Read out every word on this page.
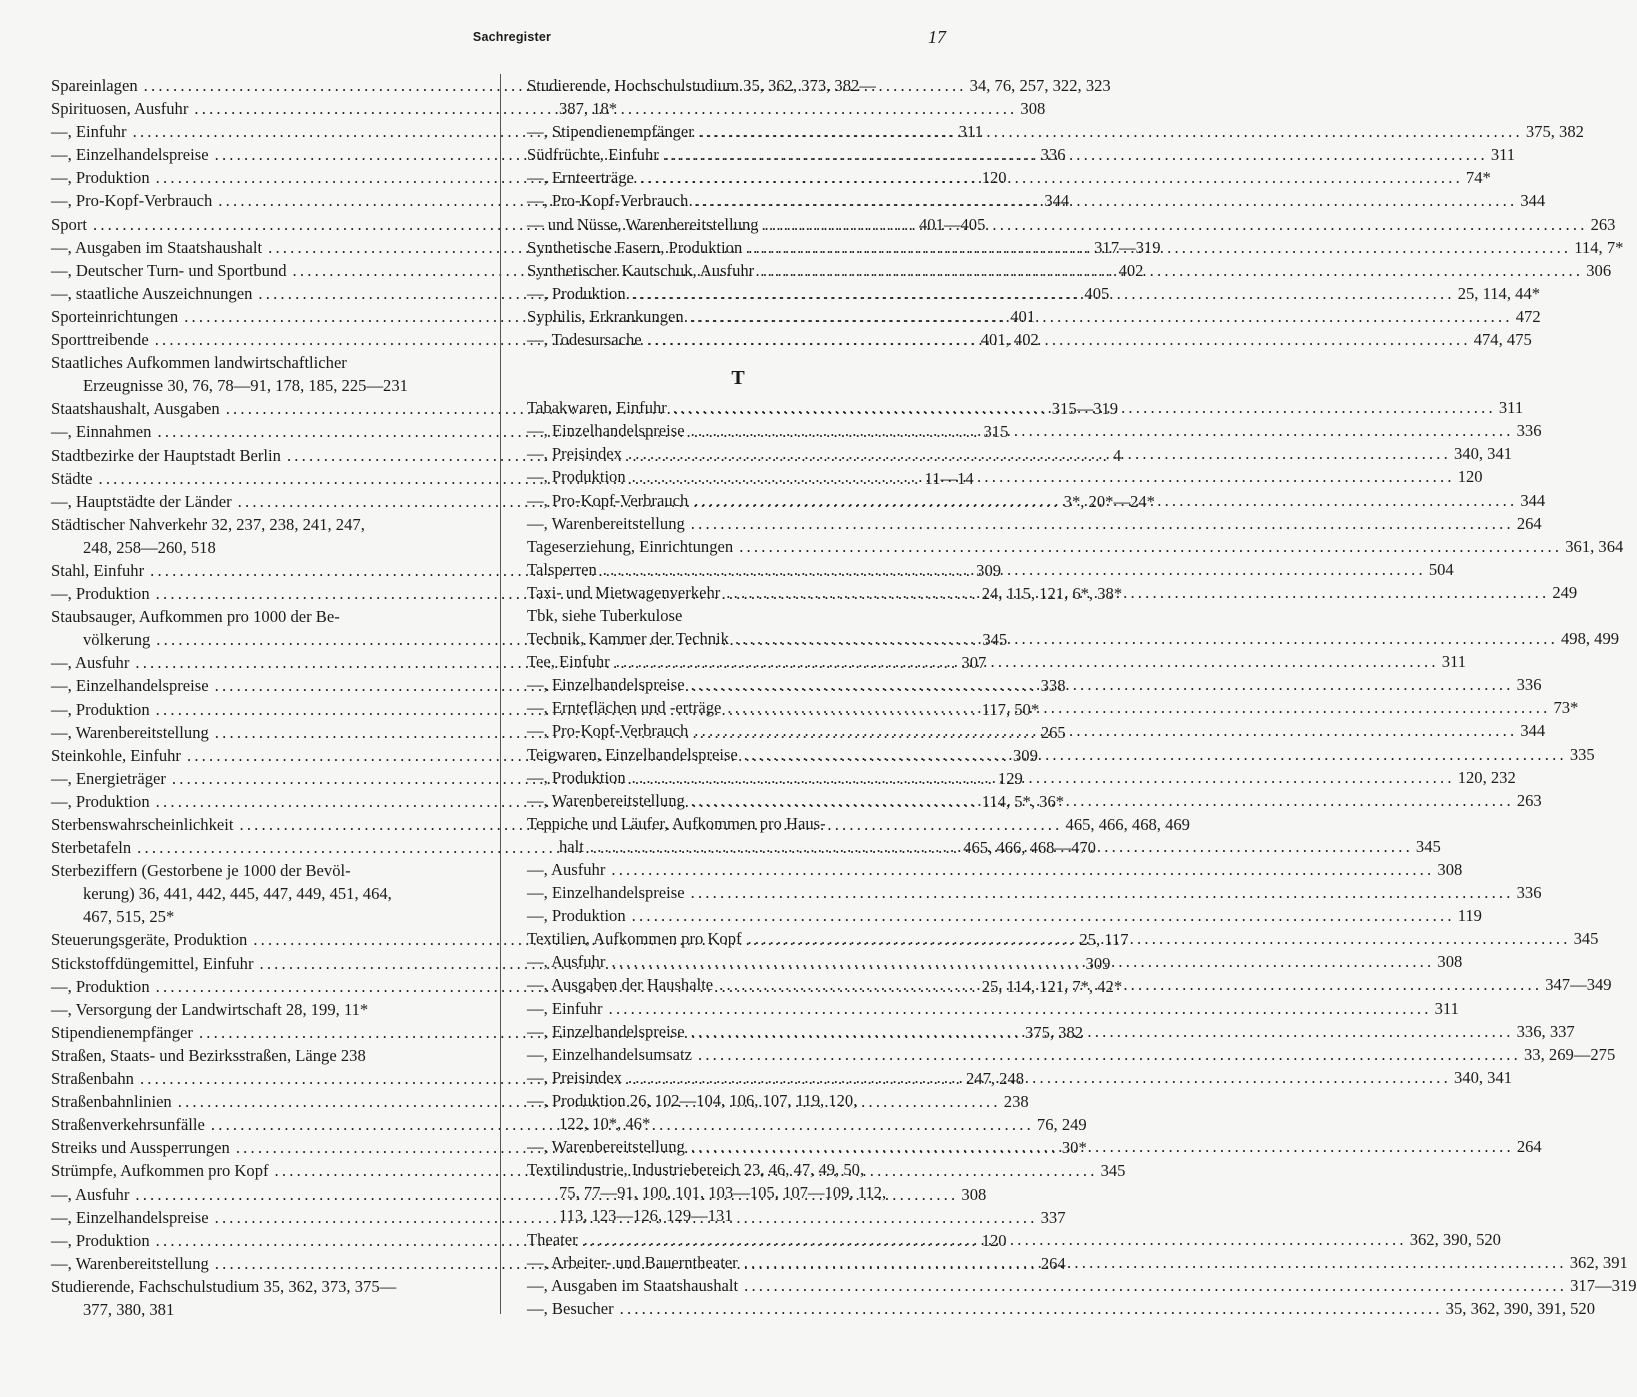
Sachregister	17
Spareinlagen .....	34, 76, 257, 322, 323
Spirituosen, Ausfuhr .....	308
—, Einfuhr .....	311
—, Einzelhandelspreise .....	336
—, Produktion .....	120
—, Pro-Kopf-Verbrauch .....	344
Sport .....	401—405
—, Ausgaben im Staatshaushalt .....	317—319
—, Deutscher Turn- und Sportbund .....	402
—, staatliche Auszeichnungen .....	405
Sporteinrichtungen .....	401
Sporttreibende .....	401, 402
Staatliches Aufkommen landwirtschaftlicher
Erzeugnisse 30, 76, 78—91, 178, 185, 225—231
Staatshaushalt, Ausgaben .....	315—319
—, Einnahmen .....	315
Stadtbezirke der Hauptstadt Berlin .....	4
Städte .....	11—14
—, Hauptstädte der Länder .....	3*, 20*—24*
Städtischer Nahverkehr 32, 237, 238, 241, 247,
248, 258—260, 518
Stahl, Einfuhr .....	309
—, Produktion .....	24, 115, 121, 6*, 38*
Staubsauger, Aufkommen pro 1000 der Be-
völkerung .....	345
—, Ausfuhr .....	307
—, Einzelhandelspreise .....	338
—, Produktion .....	117, 50*
—, Warenbereitstellung .....	265
Steinkohle, Einfuhr .....	309
—, Energieträger .....	129
—, Produktion .....	114, 5*, 36*
Sterbenswahrscheinlichkeit .....	465, 466, 468, 469
Sterbetafeln .....	465, 466, 468—470
Sterbeziffern (Gestorbene je 1000 der Bevöl-
kerung) 36, 441, 442, 445, 447, 449, 451, 464,
467, 515, 25*
Steuerungsgeräte, Produktion .....	25, 117
Stickstoffdüngemittel, Einfuhr .....	309
—, Produktion .....	25, 114, 121, 7*, 42*
—, Versorgung der Landwirtschaft 28, 199, 11*
Stipendienempfänger .....	375, 382
Straßen, Staats- und Bezirksstraßen, Länge 238
Straßenbahn .....	247, 248
Straßenbahnlinien .....	238
Straßenverkehrsunfälle .....	76, 249
Streiks und Aussperrungen .....	30*
Strümpfe, Aufkommen pro Kopf .....	345
—, Ausfuhr .....	308
—, Einzelhandelspreise .....	337
—, Produktion .....	120
—, Warenbereitstellung .....	264
Studierende, Fachschulstudium 35, 362, 373, 375—
377, 380, 381
Studierende, Hochschulstudium 35, 362, 373, 382—
387, 18*
—, Stipendienempfänger .....	375, 382
Südfrüchte, Einfuhr .....	311
—, Ernteerträge .....	74*
—, Pro-Kopf-Verbrauch .....	344
— und Nüsse, Warenbereitstellung .....	263
Synthetische Fasern, Produktion .....	114, 7*
Synthetischer Kautschuk, Ausfuhr .....	306
—, Produktion .....	25, 114, 44*
Syphilis, Erkrankungen .....	472
—, Todesursache .....	474, 475
T
Tabakwaren, Einfuhr .....	311
—, Einzelhandelspreise .....	336
—, Preisindex .....	340, 341
—, Produktion .....	120
—, Pro-Kopf-Verbrauch .....	344
—, Warenbereitstellung .....	264
Tageserziehung, Einrichtungen .....	361, 364
Talsperren .....	504
Taxi- und Mietwagenverkehr .....	249
Tbk, siehe Tuberkulose
Technik, Kammer der Technik .....	498, 499
Tee, Einfuhr .....	311
—, Einzelhandelspreise .....	336
—, Ernteflächen und -erträge .....	73*
—, Pro-Kopf-Verbrauch .....	344
Teigwaren, Einzelhandelspreise .....	335
—, Produktion .....	120, 232
—, Warenbereitstellung .....	263
Teppiche und Läufer, Aufkommen pro Haus-
halt .....	345
—, Ausfuhr .....	308
—, Einzelhandelspreise .....	336
—, Produktion .....	119
Textilien, Aufkommen pro Kopf .....	345
—, Ausfuhr .....	308
—, Ausgaben der Haushalte .....	347—349
—, Einfuhr .....	311
—, Einzelhandelspreise .....	336, 337
—, Einzelhandelsumsatz .....	33, 269—275
—, Preisindex .....	340, 341
—, Produktion 26, 102—104, 106, 107, 119, 120,
122, 10*, 46*
—, Warenbereitstellung .....	264
Textilindustrie, Industriebereich 23, 46, 47, 49, 50,
75, 77—91, 100, 101, 103—105, 107—109, 112,
113, 123—126, 129—131
Theater .....	362, 390, 520
—, Arbeiter- und Bauerntheater .....	362, 391
—, Ausgaben im Staatshaushalt .....	317—319
—, Besucher .....	35, 362, 390, 391, 520
